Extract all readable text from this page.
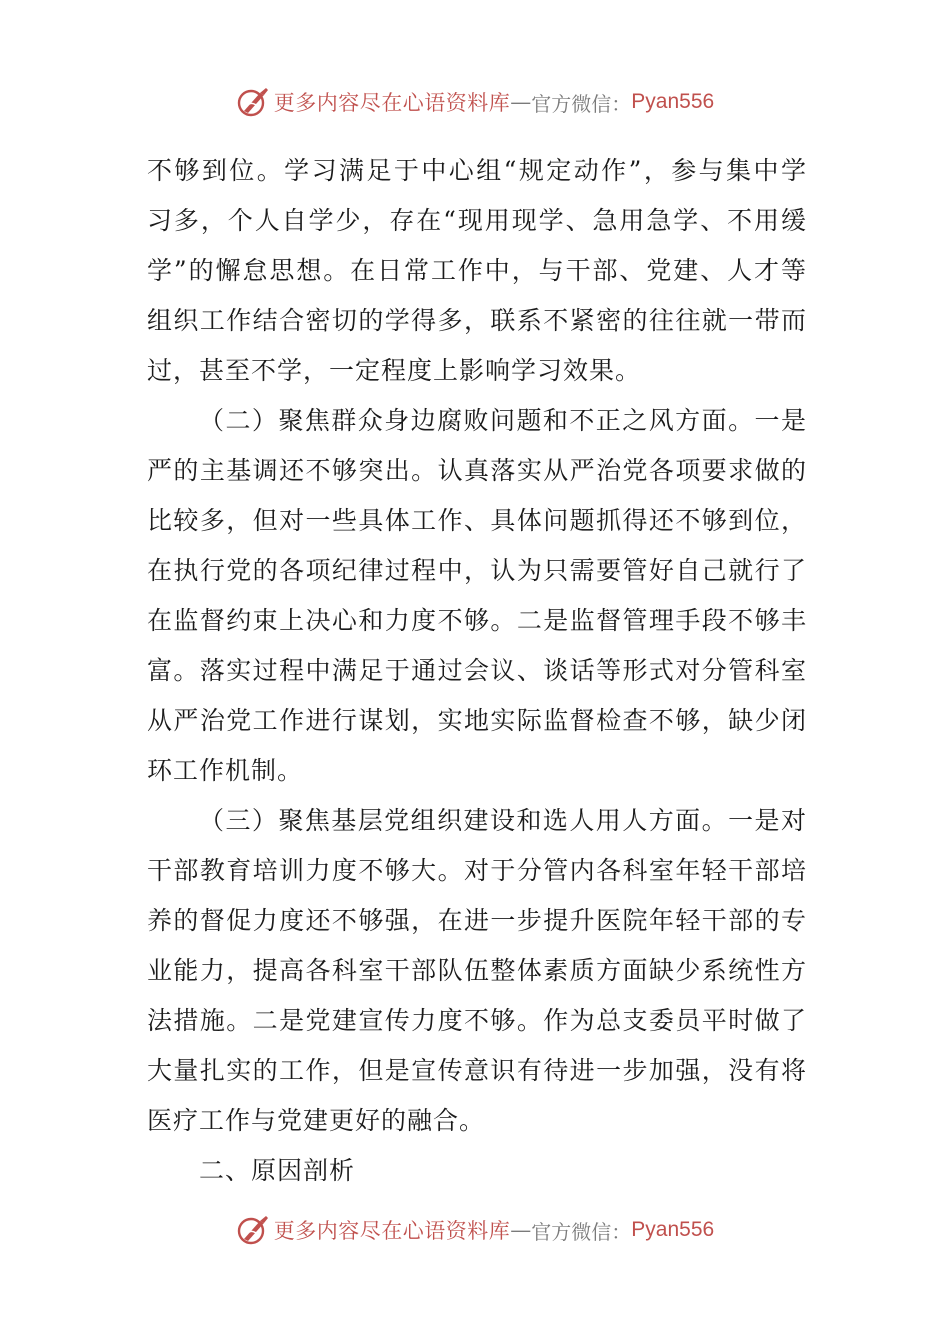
更多内容尽在心语资料库 — 官方微信： Pyan556
不够到位。学习满足于中心组“规定动作”，参与集中学
习多，个人自学少，存在“现用现学、急用急学、不用缓
学”的懈怠思想。在日常工作中，与干部、党建、人才等
组织工作结合密切的学得多，联系不紧密的往往就一带而
过，甚至不学，一定程度上影响学习效果。
（二）聚焦群众身边腐败问题和不正之风方面。一是
严的主基调还不够突出。认真落实从严治党各项要求做的
比较多，但对一些具体工作、具体问题抓得还不够到位，
在执行党的各项纪律过程中，认为只需要管好自己就行了
在监督约束上决心和力度不够。二是监督管理手段不够丰
富。落实过程中满足于通过会议、谈话等形式对分管科室
从严治党工作进行谋划，实地实际监督检查不够，缺少闭
环工作机制。
（三）聚焦基层党组织建设和选人用人方面。一是对
干部教育培训力度不够大。对于分管内各科室年轻干部培
养的督促力度还不够强，在进一步提升医院年轻干部的专
业能力，提高各科室干部队伍整体素质方面缺少系统性方
法措施。二是党建宣传力度不够。作为总支委员平时做了
大量扎实的工作，但是宣传意识有待进一步加强，没有将
医疗工作与党建更好的融合。
二、原因剖析
更多内容尽在心语资料库 — 官方微信： Pyan556
